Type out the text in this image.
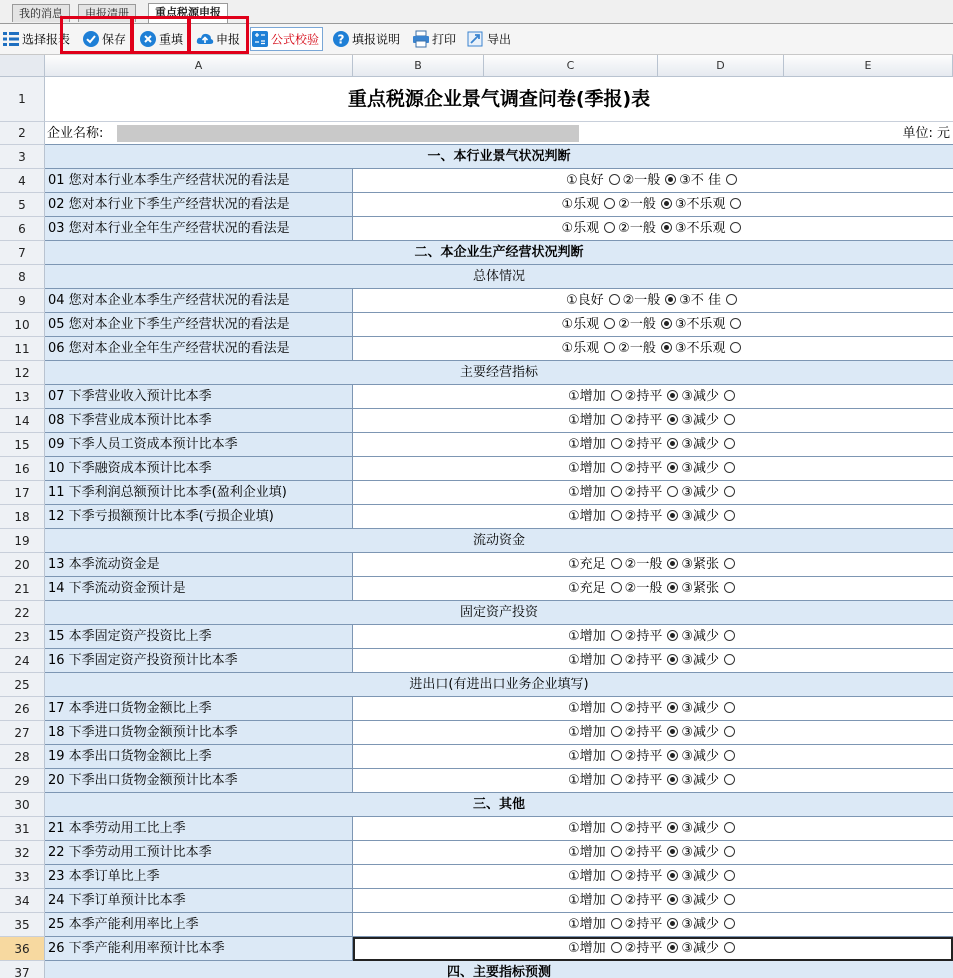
我的消息	申报清册	重点税源申报
选择报表	保存	重填	申报	公式校验	? 填报说明	打印	导出
A	B	C	D	E
1	重点税源企业景气调查问卷(季报)表
2	企业名称:	单位: 元
3	一、本行业景气状况判断
4	01 您对本行业本季生产经营状况的看法是	①良好 ②一般 ③不 佳
5	02 您对本行业下季生产经营状况的看法是	①乐观 ②一般 ③不乐观
6	03 您对本行业全年生产经营状况的看法是	①乐观 ②一般 ③不乐观
7	二、本企业生产经营状况判断
8	总体情况
9	04 您对本企业本季生产经营状况的看法是	①良好 ②一般 ③不 佳
10	05 您对本企业下季生产经营状况的看法是	①乐观 ②一般 ③不乐观
11	06 您对本企业全年生产经营状况的看法是	①乐观 ②一般 ③不乐观
12	主要经营指标
13	07 下季营业收入预计比本季	①增加 ②持平 ③减少
14	08 下季营业成本预计比本季	①增加 ②持平 ③减少
15	09 下季人员工资成本预计比本季	①增加 ②持平 ③减少
16	10 下季融资成本预计比本季	①增加 ②持平 ③减少
17	11 下季利润总额预计比本季(盈利企业填)	①增加 ②持平 ③减少
18	12 下季亏损额预计比本季(亏损企业填)	①增加 ②持平 ③减少
19	流动资金
20	13 本季流动资金是	①充足 ②一般 ③紧张
21	14 下季流动资金预计是	①充足 ②一般 ③紧张
22	固定资产投资
23	15 本季固定资产投资比上季	①增加 ②持平 ③减少
24	16 下季固定资产投资预计比本季	①增加 ②持平 ③减少
25	进出口(有进出口业务企业填写)
26	17 本季进口货物金额比上季	①增加 ②持平 ③减少
27	18 下季进口货物金额预计比本季	①增加 ②持平 ③减少
28	19 本季出口货物金额比上季	①增加 ②持平 ③减少
29	20 下季出口货物金额预计比本季	①增加 ②持平 ③减少
30	三、其他
31	21 本季劳动用工比上季	①增加 ②持平 ③减少
32	22 下季劳动用工预计比本季	①增加 ②持平 ③减少
33	23 本季订单比上季	①增加 ②持平 ③减少
34	24 下季订单预计比本季	①增加 ②持平 ③减少
35	25 本季产能利用率比上季	①增加 ②持平 ③减少
36	26 下季产能利用率预计比本季	①增加 ②持平 ③减少
37	四、主要指标预测
